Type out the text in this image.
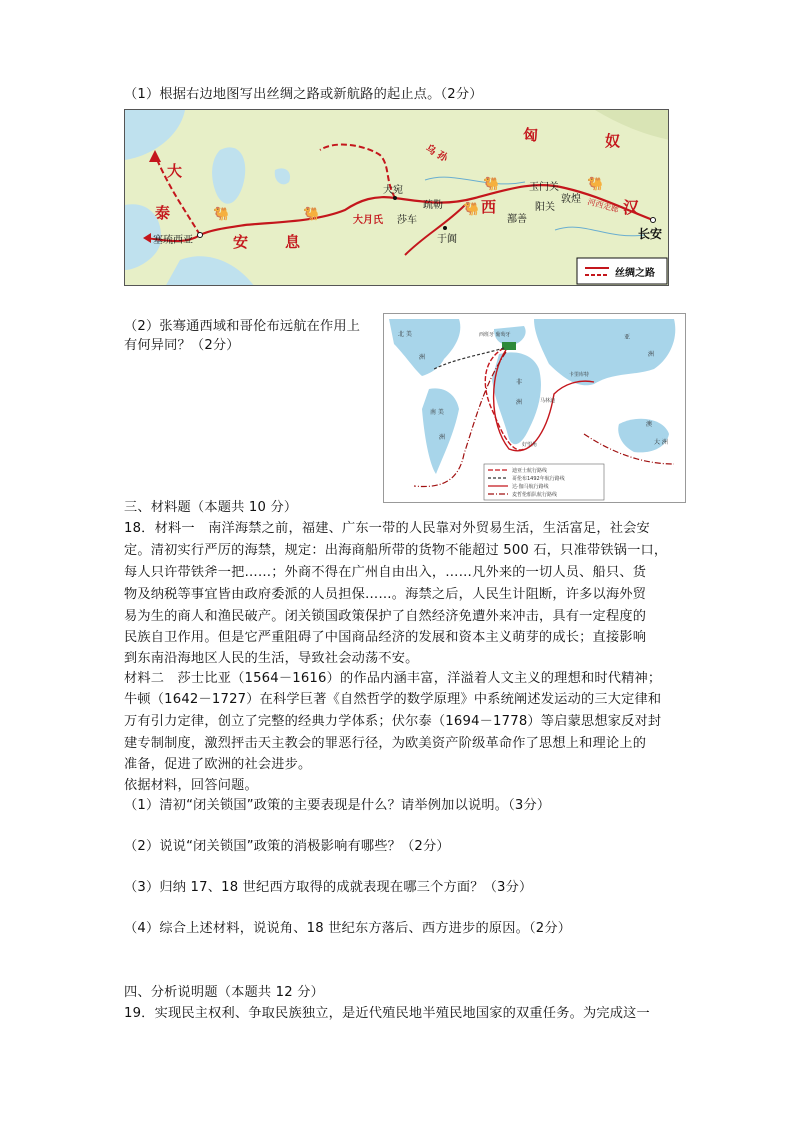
（1）根据右边地图写出丝绸之路或新航路的起止点。（2分）
🐫	🐫	🐫
🐫	🐫
匈	奴
大
泰
安 息
西	汉
乌 孙
大宛
大月氏
疏勒
莎车
于阗
鄯善
玉门关
阳关
敦煌 河西走廊
长安
塞琉西亚
丝绸之路
（2）张骞通西域和哥伦布远航在作用上
有何异同？（2分）
北 美
洲
南 美
洲
非
洲
亚
洲
澳
大 洲
西班牙 葡萄牙
卡里库特
马林迪
好望角
迪亚士航行路线
哥伦布1492年航行路线
达·伽马航行路线
麦哲伦船队航行路线
三、材料题（本题共 10 分）
18．材料一　南洋海禁之前，福建、广东一带的人民靠对外贸易生活，生活富足，社会安
定。清初实行严厉的海禁，规定：出海商船所带的货物不能超过 500 石，只准带铁锅一口，
每人只许带铁斧一把……；外商不得在广州自由出入，……凡外来的一切人员、船只、货
物及纳税等事宜皆由政府委派的人员担保……。海禁之后，人民生计阻断，许多以海外贸
易为生的商人和渔民破产。闭关锁国政策保护了自然经济免遭外来冲击，具有一定程度的
民族自卫作用。但是它严重阻碍了中国商品经济的发展和资本主义萌芽的成长；直接影响
到东南沿海地区人民的生活，导致社会动荡不安。
材料二　莎士比亚（1564－1616）的作品内涵丰富，洋溢着人文主义的理想和时代精神；
牛顿（1642－1727）在科学巨著《自然哲学的数学原理》中系统阐述发运动的三大定律和
万有引力定律，创立了完整的经典力学体系；伏尔泰（1694－1778）等启蒙思想家反对封
建专制制度，激烈抨击天主教会的罪恶行径，为欧美资产阶级革命作了思想上和理论上的
准备，促进了欧洲的社会进步。
依据材料，回答问题。
（1）清初“闭关锁国”政策的主要表现是什么？请举例加以说明。（3分）
（2）说说“闭关锁国”政策的消极影响有哪些？（2分）
（3）归纳 17、18 世纪西方取得的成就表现在哪三个方面？（3分）
（4）综合上述材料，说说角、18 世纪东方落后、西方进步的原因。（2分）
四、分析说明题（本题共 12 分）
19．实现民主权利、争取民族独立，是近代殖民地半殖民地国家的双重任务。为完成这一
